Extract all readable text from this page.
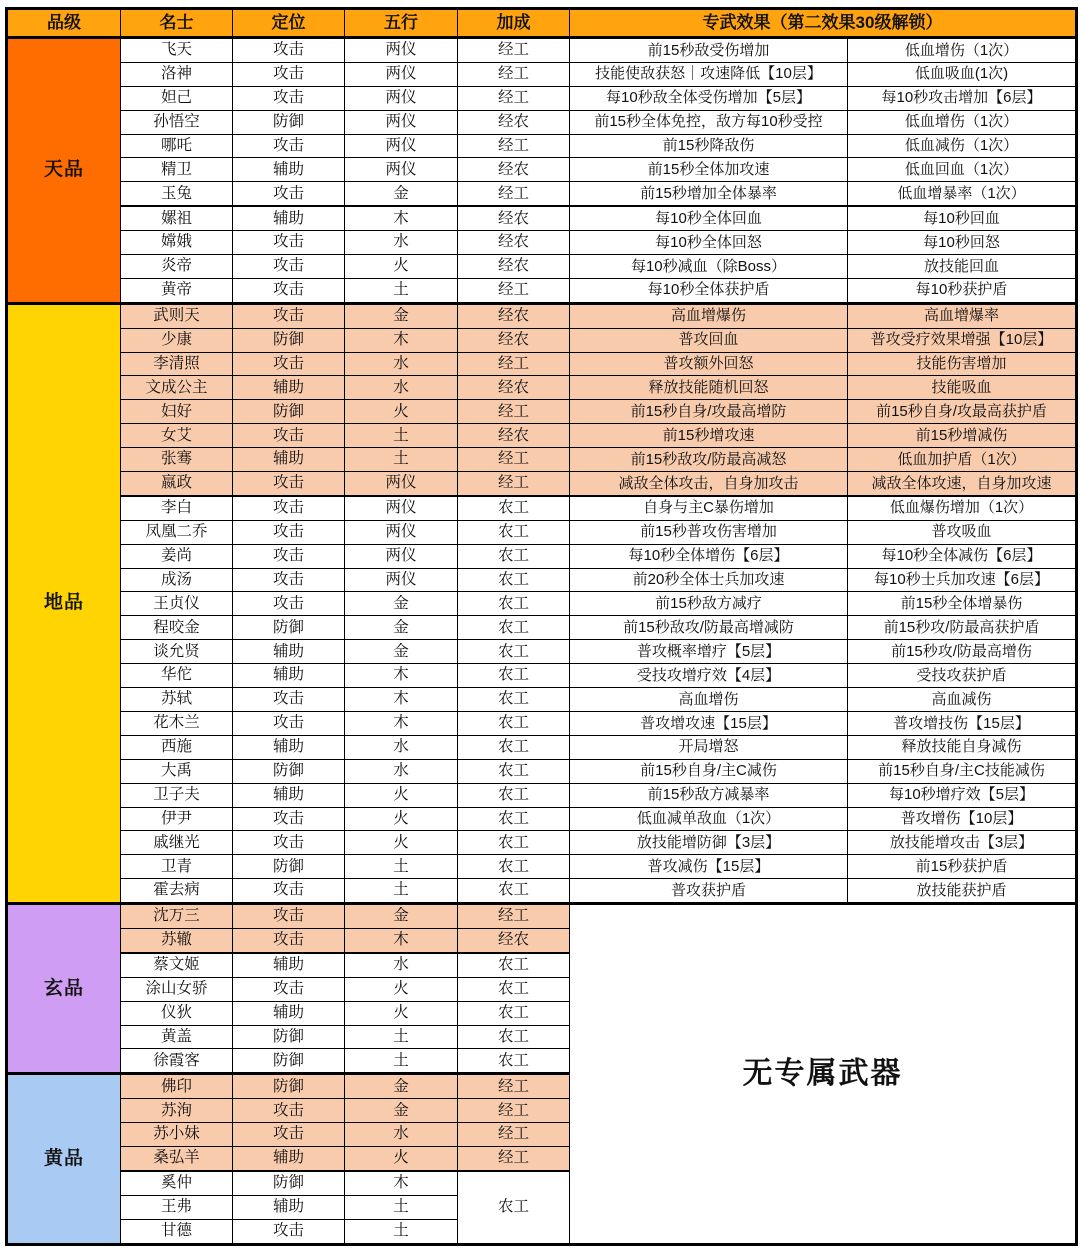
品级	名士	定位	五行	加成	专武效果（第二效果30级解锁）	
天品	飞天	攻击	两仪	经工	前15秒敌受伤增加	低血增伤（1次）
	洛神	攻击	两仪	经工	技能使敌获怒｜攻速降低【10层】	低血吸血(1次)
	妲己	攻击	两仪	经工	每10秒敌全体受伤增加【5层】	每10秒攻击增加【6层】
	孙悟空	防御	两仪	经农	前15秒全体免控，敌方每10秒受控	低血增伤（1次）
	哪吒	攻击	两仪	经工	前15秒降敌伤	低血减伤（1次）
	精卫	辅助	两仪	经农	前15秒全体加攻速	低血回血（1次）
	玉兔	攻击	金	经工	前15秒增加全体暴率	低血增暴率（1次）
	嫘祖	辅助	木	经农	每10秒全体回血	每10秒回血
	嫦娥	攻击	水	经农	每10秒全体回怒	每10秒回怒
	炎帝	攻击	火	经农	每10秒减血（除Boss）	放技能回血
	黄帝	攻击	土	经工	每10秒全体获护盾	每10秒获护盾
地品	武则天	攻击	金	经农	高血增爆伤	高血增爆率
	少康	防御	木	经农	普攻回血	普攻受疗效果增强【10层】
	李清照	攻击	水	经工	普攻额外回怒	技能伤害增加
	文成公主	辅助	水	经农	释放技能随机回怒	技能吸血
	妇好	防御	火	经工	前15秒自身/攻最高增防	前15秒自身/攻最高获护盾
	女艾	攻击	土	经农	前15秒增攻速	前15秒增减伤
	张骞	辅助	土	经工	前15秒敌攻/防最高减怒	低血加护盾（1次）
	嬴政	攻击	两仪	经工	减敌全体攻击，自身加攻击	减敌全体攻速，自身加攻速
	李白	攻击	两仪	农工	自身与主C暴伤增加	低血爆伤增加（1次）
	凤凰二乔	攻击	两仪	农工	前15秒普攻伤害增加	普攻吸血
	姜尚	攻击	两仪	农工	每10秒全体增伤【6层】	每10秒全体减伤【6层】
	成汤	攻击	两仪	农工	前20秒全体士兵加攻速	每10秒士兵加攻速【6层】
	王贞仪	攻击	金	农工	前15秒敌方减疗	前15秒全体增暴伤
	程咬金	防御	金	农工	前15秒敌攻/防最高增减防	前15秒攻/防最高获护盾
	谈允贤	辅助	金	农工	普攻概率增疗【5层】	前15秒攻/防最高增伤
	华佗	辅助	木	农工	受技攻增疗效【4层】	受技攻获护盾
	苏轼	攻击	木	农工	高血增伤	高血减伤
	花木兰	攻击	木	农工	普攻增攻速【15层】	普攻增技伤【15层】
	西施	辅助	水	农工	开局增怒	释放技能自身减伤
	大禹	防御	水	农工	前15秒自身/主C减伤	前15秒自身/主C技能减伤
	卫子夫	辅助	火	农工	前15秒敌方减暴率	每10秒增疗效【5层】
	伊尹	攻击	火	农工	低血减单敌血（1次）	普攻增伤【10层】
	戚继光	攻击	火	农工	放技能增防御【3层】	放技能增攻击【3层】
	卫青	防御	土	农工	普攻减伤【15层】	前15秒获护盾
	霍去病	攻击	土	农工	普攻获护盾	放技能获护盾
玄品	沈万三	攻击	金	经工	无专属武器	
	苏辙	攻击	木	经农		
	蔡文姬	辅助	水	农工		
	涂山女骄	攻击	火	农工		
	仪狄	辅助	火	农工		
	黄盖	防御	土	农工		
	徐霞客	防御	土	农工		
黄品	佛印	防御	金	经工		
	苏洵	攻击	金	经工		
	苏小妹	攻击	水	经工		
	桑弘羊	辅助	火	经工		
	奚仲	防御	木	农工		
	王弗	辅助	土			
	甘德	攻击	土			
